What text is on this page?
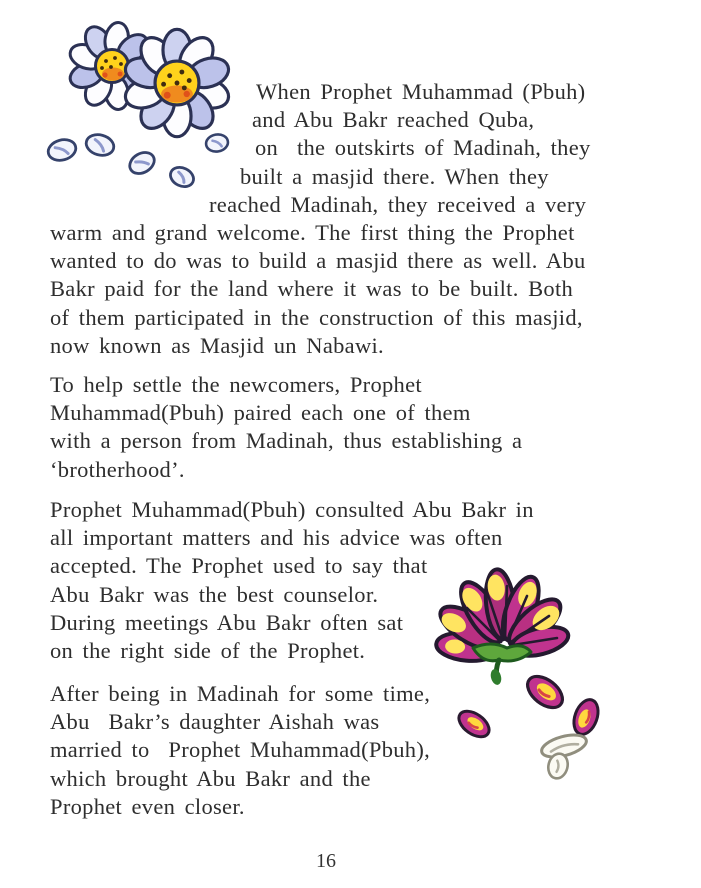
When Prophet Muhammad (Pbuh)
and Abu Bakr reached Quba,
on  the outskirts of Madinah, they
built a masjid there. When they
reached Madinah, they received a very
warm and grand welcome. The first thing the Prophet
wanted to do was to build a masjid there as well. Abu
Bakr paid for the land where it was to be built. Both
of them participated in the construction of this masjid,
now known as Masjid un Nabawi.
To help settle the newcomers, Prophet
Muhammad(Pbuh) paired each one of them
with a person from Madinah, thus establishing a
‘brotherhood’.
Prophet Muhammad(Pbuh) consulted Abu Bakr in
all important matters and his advice was often
accepted. The Prophet used to say that
Abu Bakr was the best counselor.
During meetings Abu Bakr often sat
on the right side of the Prophet.
After being in Madinah for some time,
Abu  Bakr’s daughter Aishah was
married to  Prophet Muhammad(Pbuh),
which brought Abu Bakr and the
Prophet even closer.
16
